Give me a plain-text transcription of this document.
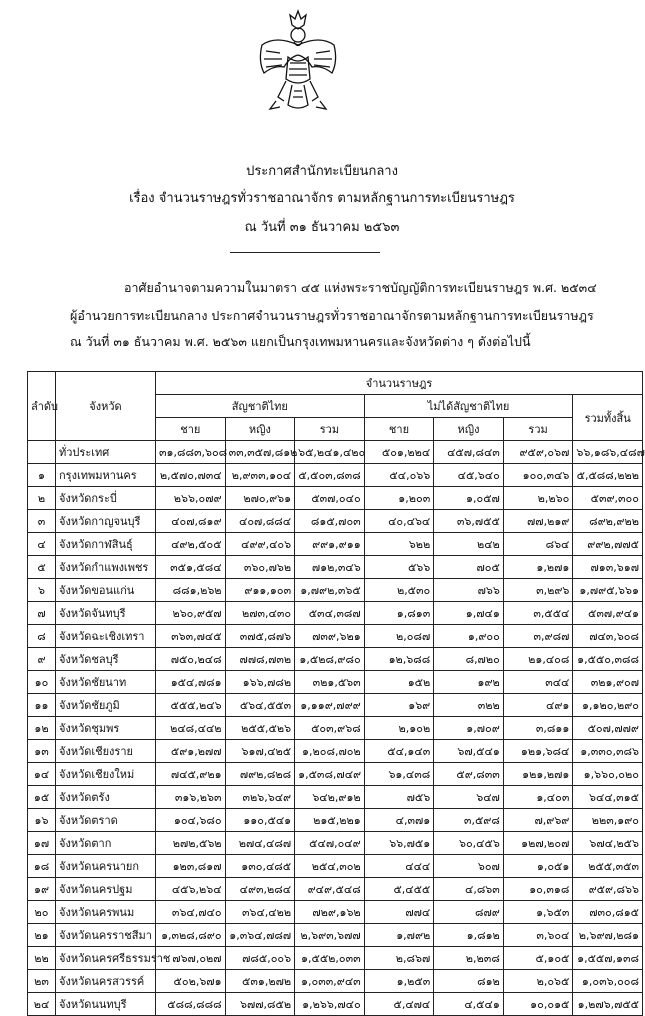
ประกาศสำนักทะเบียนกลาง
เรื่อง จำนวนราษฎรทั่วราชอาณาจักร ตามหลักฐานการทะเบียนราษฎร
ณ วันที่ ๓๑ ธันวาคม ๒๕๖๓
อาศัยอำนาจตามความในมาตรา ๔๕ แห่งพระราชบัญญัติการทะเบียนราษฎร พ.ศ. ๒๕๓๔
ผู้อำนวยการทะเบียนกลาง ประกาศจำนวนราษฎรทั่วราชอาณาจักรตามหลักฐานการทะเบียนราษฎร
ณ วันที่ ๓๑ ธันวาคม พ.ศ. ๒๕๖๓ แยกเป็นกรุงเทพมหานครและจังหวัดต่าง ๆ ดังต่อไปนี้
ลำดับ	จังหวัด	จำนวนราษฎร						
		สัญชาติไทย			ไม่ได้สัญชาติไทย			รวมทั้งสิ้น
		ชาย	หญิง	รวม	ชาย	หญิง	รวม	
	ทั่วประเทศ	๓๑,๘๘๓,๖๐๘	๓๓,๓๕๗,๘๑๒	๖๕,๒๔๑,๔๒๐	๕๐๑,๒๒๔	๔๕๗,๘๔๓	๙๕๙,๐๖๗	๖๖,๑๘๖,๔๘๗
๑	กรุงเทพมหานคร	๒,๕๗๐,๗๓๔	๒,๙๓๓,๑๐๔	๕,๕๐๓,๘๓๘	๕๔,๐๖๖	๔๕,๖๔๐	๑๐๐,๓๔๖	๕,๕๘๘,๒๒๒
๒	จังหวัดกระบี่	๒๖๖,๐๗๙	๒๗๐,๙๖๑	๕๓๗,๐๔๐	๑,๒๐๓	๑,๐๕๗	๒,๒๖๐	๕๓๙,๓๐๐
๓	จังหวัดกาญจนบุรี	๔๐๗,๘๑๙	๔๐๗,๘๘๔	๘๑๕,๗๐๓	๔๐,๔๖๔	๓๖,๗๕๕	๗๗,๒๑๙	๘๙๒,๙๒๒
๔	จังหวัดกาฬสินธุ์	๔๙๒,๕๐๕	๔๙๙,๔๐๖	๙๙๑,๙๑๑	๖๒๒	๒๔๒	๘๖๔	๙๙๒,๗๗๕
๕	จังหวัดกำแพงเพชร	๓๕๑,๕๘๔	๓๖๐,๗๖๒	๗๑๒,๓๔๖	๕๖๖	๗๐๕	๑,๒๗๑	๗๑๓,๖๑๗
๖	จังหวัดขอนแก่น	๘๘๑,๒๖๒	๙๑๑,๑๐๓	๑,๗๙๒,๓๖๕	๒,๕๓๐	๗๖๖	๓,๒๙๖	๑,๗๙๕,๖๖๑
๗	จังหวัดจันทบุรี	๒๖๐,๙๕๗	๒๗๓,๔๓๐	๕๓๔,๓๘๗	๑,๘๑๓	๑,๗๔๑	๓,๕๕๔	๕๓๗,๙๔๑
๘	จังหวัดฉะเชิงเทรา	๓๖๓,๗๔๕	๓๗๕,๘๗๖	๗๓๙,๖๒๑	๒,๐๘๗	๑,๙๐๐	๓,๙๘๗	๗๔๓,๖๐๘
๙	จังหวัดชลบุรี	๗๕๐,๒๔๘	๗๗๘,๗๓๒	๑,๕๒๘,๙๘๐	๑๒,๖๘๘	๘,๗๒๐	๒๑,๔๐๘	๑,๕๕๐,๓๘๘
๑๐	จังหวัดชัยนาท	๑๕๔,๗๘๑	๑๖๖,๗๘๒	๓๒๑,๕๖๓	๑๕๒	๑๙๒	๓๔๔	๓๒๑,๙๐๗
๑๑	จังหวัดชัยภูมิ	๕๕๕,๒๔๖	๕๖๔,๕๕๓	๑,๑๑๙,๗๙๙	๑๖๙	๓๒๒	๔๙๑	๑,๑๒๐,๒๙๐
๑๒	จังหวัดชุมพร	๒๔๘,๔๔๒	๒๕๕,๕๒๖	๕๐๓,๙๖๘	๒,๑๐๒	๑,๗๐๙	๓,๘๑๑	๕๐๗,๗๗๙
๑๓	จังหวัดเชียงราย	๕๙๑,๒๗๗	๖๑๗,๔๒๕	๑,๒๐๘,๗๐๒	๕๔,๑๔๓	๖๗,๕๔๑	๑๒๑,๖๘๔	๑,๓๓๐,๓๘๖
๑๔	จังหวัดเชียงใหม่	๗๔๕,๙๒๑	๗๙๒,๘๒๘	๑,๕๓๘,๗๔๙	๖๑,๔๓๘	๕๙,๘๓๓	๑๒๑,๒๗๑	๑,๖๖๐,๐๒๐
๑๕	จังหวัดตรัง	๓๑๖,๒๖๓	๓๒๖,๖๔๙	๖๔๒,๙๑๒	๗๕๖	๖๔๗	๑,๔๐๓	๖๔๔,๓๑๕
๑๖	จังหวัดตราด	๑๐๔,๖๘๐	๑๑๐,๕๔๑	๒๑๕,๒๒๑	๔,๓๗๑	๓,๕๙๘	๗,๙๖๙	๒๒๓,๑๙๐
๑๗	จังหวัดตาก	๒๗๒,๕๖๒	๒๗๔,๔๘๗	๕๔๗,๐๔๙	๖๖,๗๕๑	๖๐,๔๕๖	๑๒๗,๒๐๗	๖๗๔,๒๕๖
๑๘	จังหวัดนครนายก	๑๒๓,๘๑๗	๑๓๐,๔๘๕	๒๕๔,๓๐๒	๔๔๔	๖๐๗	๑,๐๕๑	๒๕๕,๓๕๓
๑๙	จังหวัดนครปฐม	๔๕๖,๒๖๔	๔๙๓,๒๘๔	๙๔๙,๕๔๘	๕,๔๕๕	๔,๘๖๓	๑๐,๓๑๘	๙๕๙,๘๖๖
๒๐	จังหวัดนครพนม	๓๖๔,๗๔๐	๓๖๔,๔๒๒	๗๒๙,๑๖๒	๗๗๔	๘๗๙	๑,๖๕๓	๗๓๐,๘๑๕
๒๑	จังหวัดนครราชสีมา	๑,๓๒๘,๘๙๐	๑,๓๖๔,๗๘๗	๒,๖๙๓,๖๗๗	๑,๗๙๒	๑,๘๑๒	๓,๖๐๔	๒,๖๙๗,๒๘๑
๒๒	จังหวัดนครศรีธรรมราช	๗๖๗,๐๒๗	๗๘๕,๐๐๖	๑,๕๕๒,๐๓๓	๒,๘๖๗	๒,๒๓๘	๕,๑๐๕	๑,๕๕๗,๑๓๘
๒๓	จังหวัดนครสวรรค์	๕๐๒,๖๗๑	๕๓๑,๒๗๒	๑,๐๓๓,๙๔๓	๑,๒๕๓	๘๑๒	๒,๐๖๕	๑,๐๓๖,๐๐๘
๒๔	จังหวัดนนทบุรี	๕๘๘,๘๘๘	๖๗๗,๘๕๒	๑,๒๖๖,๗๔๐	๕,๔๗๔	๔,๕๔๑	๑๐,๐๑๕	๑,๒๗๖,๗๕๕
